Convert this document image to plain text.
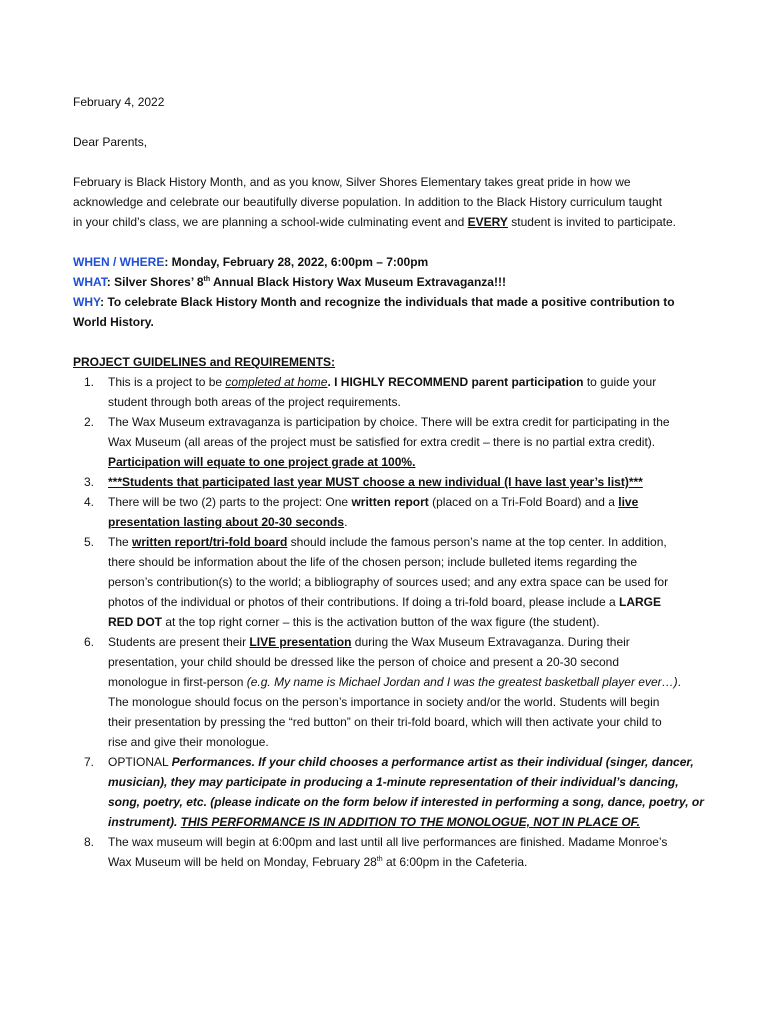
February 4, 2022
Dear Parents,
February is Black History Month, and as you know, Silver Shores Elementary takes great pride in how we
acknowledge and celebrate our beautifully diverse population. In addition to the Black History curriculum taught
in your child’s class, we are planning a school-wide culminating event and EVERY student is invited to participate.
WHEN / WHERE: Monday, February 28, 2022, 6:00pm – 7:00pm
WHAT: Silver Shores’ 8th Annual Black History Wax Museum Extravaganza!!!
WHY: To celebrate Black History Month and recognize the individuals that made a positive contribution to
World History.
PROJECT GUIDELINES and REQUIREMENTS:
1. This is a project to be completed at home. I HIGHLY RECOMMEND parent participation to guide your
student through both areas of the project requirements.
2. The Wax Museum extravaganza is participation by choice. There will be extra credit for participating in the
Wax Museum (all areas of the project must be satisfied for extra credit – there is no partial extra credit).
Participation will equate to one project grade at 100%.
3. ***Students that participated last year MUST choose a new individual (I have last year’s list)***
4. There will be two (2) parts to the project: One written report (placed on a Tri-Fold Board) and a live
presentation lasting about 20-30 seconds.
5. The written report/tri-fold board should include the famous person’s name at the top center. In addition,
there should be information about the life of the chosen person; include bulleted items regarding the
person’s contribution(s) to the world; a bibliography of sources used; and any extra space can be used for
photos of the individual or photos of their contributions. If doing a tri-fold board, please include a LARGE
RED DOT at the top right corner – this is the activation button of the wax figure (the student).
6. Students are present their LIVE presentation during the Wax Museum Extravaganza. During their
presentation, your child should be dressed like the person of choice and present a 20-30 second
monologue in first-person (e.g. My name is Michael Jordan and I was the greatest basketball player ever…).
The monologue should focus on the person’s importance in society and/or the world. Students will begin
their presentation by pressing the “red button” on their tri-fold board, which will then activate your child to
rise and give their monologue.
7. OPTIONAL Performances. If your child chooses a performance artist as their individual (singer, dancer,
musician), they may participate in producing a 1-minute representation of their individual’s dancing,
song, poetry, etc. (please indicate on the form below if interested in performing a song, dance, poetry, or
instrument). THIS PERFORMANCE IS IN ADDITION TO THE MONOLOGUE, NOT IN PLACE OF.
8. The wax museum will begin at 6:00pm and last until all live performances are finished. Madame Monroe’s
Wax Museum will be held on Monday, February 28th at 6:00pm in the Cafeteria.
